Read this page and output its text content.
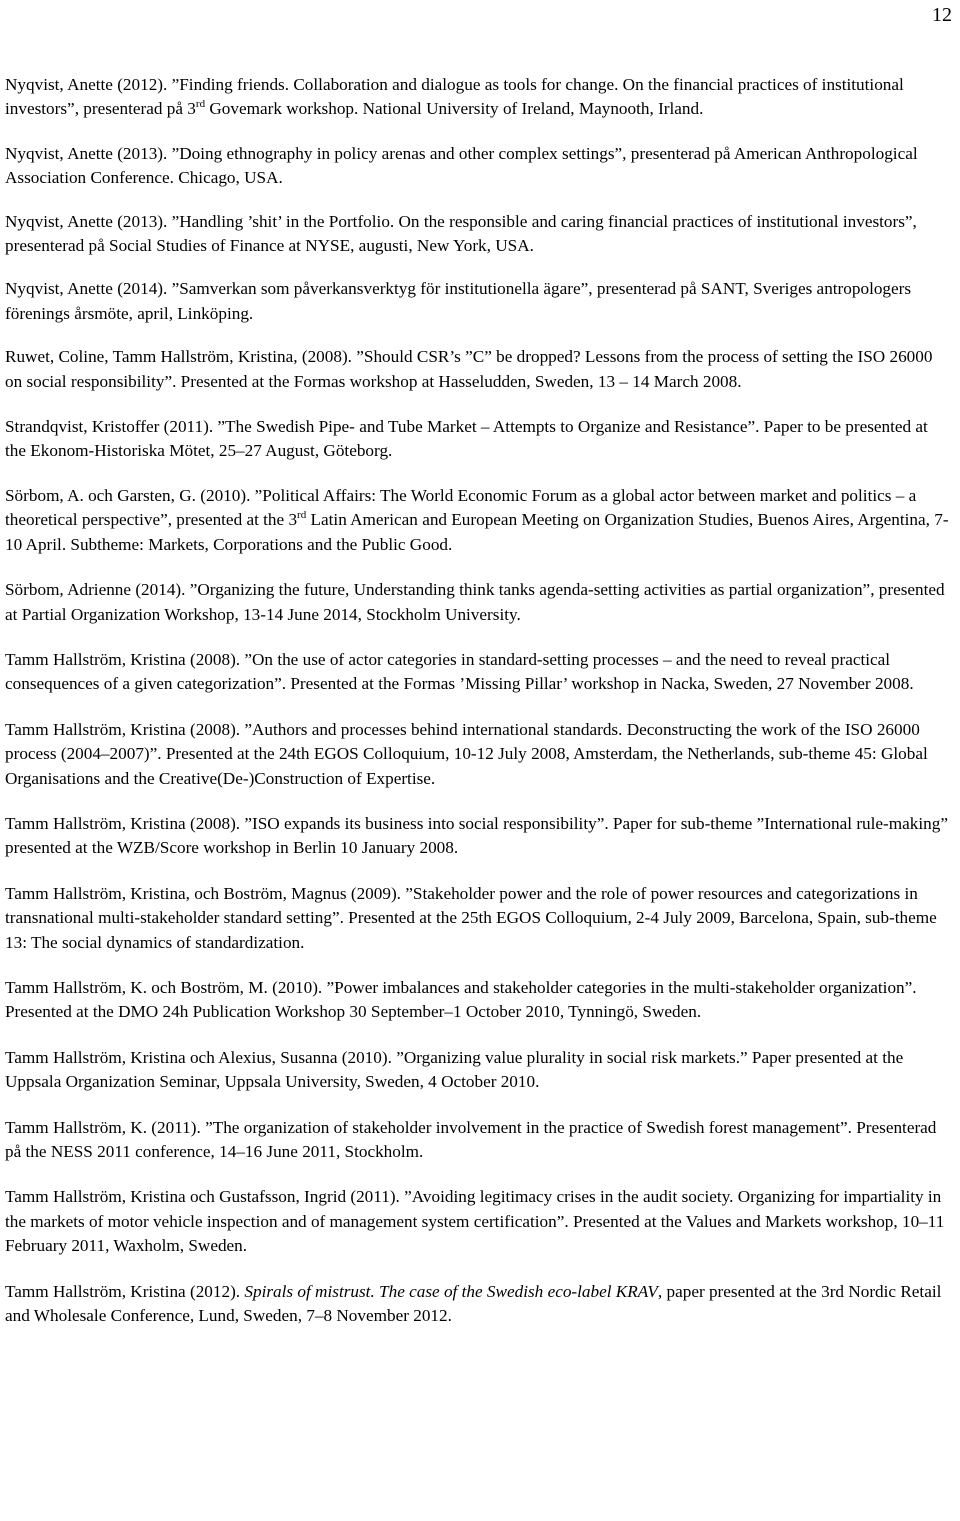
12

Nyqvist, Anette (2012). ”Finding friends. Collaboration and dialogue as tools for change. On the financial practices of institutional investors”, presenterad på 3rd Govemark workshop. National University of Ireland, Maynooth, Irland.

Nyqvist, Anette (2013). ”Doing ethnography in policy arenas and other complex settings”, presenterad på American Anthropological Association Conference. Chicago, USA.

Nyqvist, Anette (2013). ”Handling ’shit’ in the Portfolio. On the responsible and caring financial practices of institutional investors”, presenterad på Social Studies of Finance at NYSE, augusti, New York, USA.

Nyqvist, Anette (2014). ”Samverkan som påverkansverktyg för institutionella ägare”, presenterad på SANT, Sveriges antropologers förenings årsmöte, april, Linköping.

Ruwet, Coline, Tamm Hallström, Kristina, (2008). ”Should CSR’s ”C” be dropped? Lessons from the process of setting the ISO 26000 on social responsibility”. Presented at the Formas workshop at Hasseludden, Sweden, 13 – 14 March 2008.

Strandqvist, Kristoffer (2011). ”The Swedish Pipe- and Tube Market – Attempts to Organize and Resistance”. Paper to be presented at the Ekonom-Historiska Mötet, 25–27 August, Göteborg.

Sörbom, A. och Garsten, G. (2010). ”Political Affairs: The World Economic Forum as a global actor between market and politics – a theoretical perspective”, presented at the 3rd Latin American and European Meeting on Organization Studies, Buenos Aires, Argentina, 7-10 April. Subtheme: Markets, Corporations and the Public Good.

Sörbom, Adrienne (2014). ”Organizing the future, Understanding think tanks agenda-setting activities as partial organization”, presented at Partial Organization Workshop, 13-14 June 2014, Stockholm University.

Tamm Hallström, Kristina (2008). ”On the use of actor categories in standard-setting processes – and the need to reveal practical consequences of a given categorization”. Presented at the Formas ’Missing Pillar’ workshop in Nacka, Sweden, 27 November 2008.

Tamm Hallström, Kristina (2008). ”Authors and processes behind international standards. Deconstructing the work of the ISO 26000 process (2004–2007)”. Presented at the 24th EGOS Colloquium, 10-12 July 2008, Amsterdam, the Netherlands, sub-theme 45: Global Organisations and the Creative(De-)Construction of Expertise.

Tamm Hallström, Kristina (2008). ”ISO expands its business into social responsibility”. Paper for sub-theme ”International rule-making” presented at the WZB/Score workshop in Berlin 10 January 2008.

Tamm Hallström, Kristina, och Boström, Magnus (2009). ”Stakeholder power and the role of power resources and categorizations in transnational multi-stakeholder standard setting”. Presented at the 25th EGOS Colloquium, 2-4 July 2009, Barcelona, Spain, sub-theme 13: The social dynamics of standardization.

Tamm Hallström, K. och Boström, M. (2010). ”Power imbalances and stakeholder categories in the multi-stakeholder organization”. Presented at the DMO 24h Publication Workshop 30 September–1 October 2010, Tynningö, Sweden.

Tamm Hallström, Kristina och Alexius, Susanna (2010). ”Organizing value plurality in social risk markets.” Paper presented at the Uppsala Organization Seminar, Uppsala University, Sweden, 4 October 2010.

Tamm Hallström, K. (2011). ”The organization of stakeholder involvement in the practice of Swedish forest management”. Presenterad på the NESS 2011 conference, 14–16 June 2011, Stockholm.

Tamm Hallström, Kristina och Gustafsson, Ingrid (2011). ”Avoiding legitimacy crises in the audit society. Organizing for impartiality in the markets of motor vehicle inspection and of management system certification”. Presented at the Values and Markets workshop, 10–11 February 2011, Waxholm, Sweden.

Tamm Hallström, Kristina (2012). Spirals of mistrust. The case of the Swedish eco-label KRAV, paper presented at the 3rd Nordic Retail and Wholesale Conference, Lund, Sweden, 7–8 November 2012.
